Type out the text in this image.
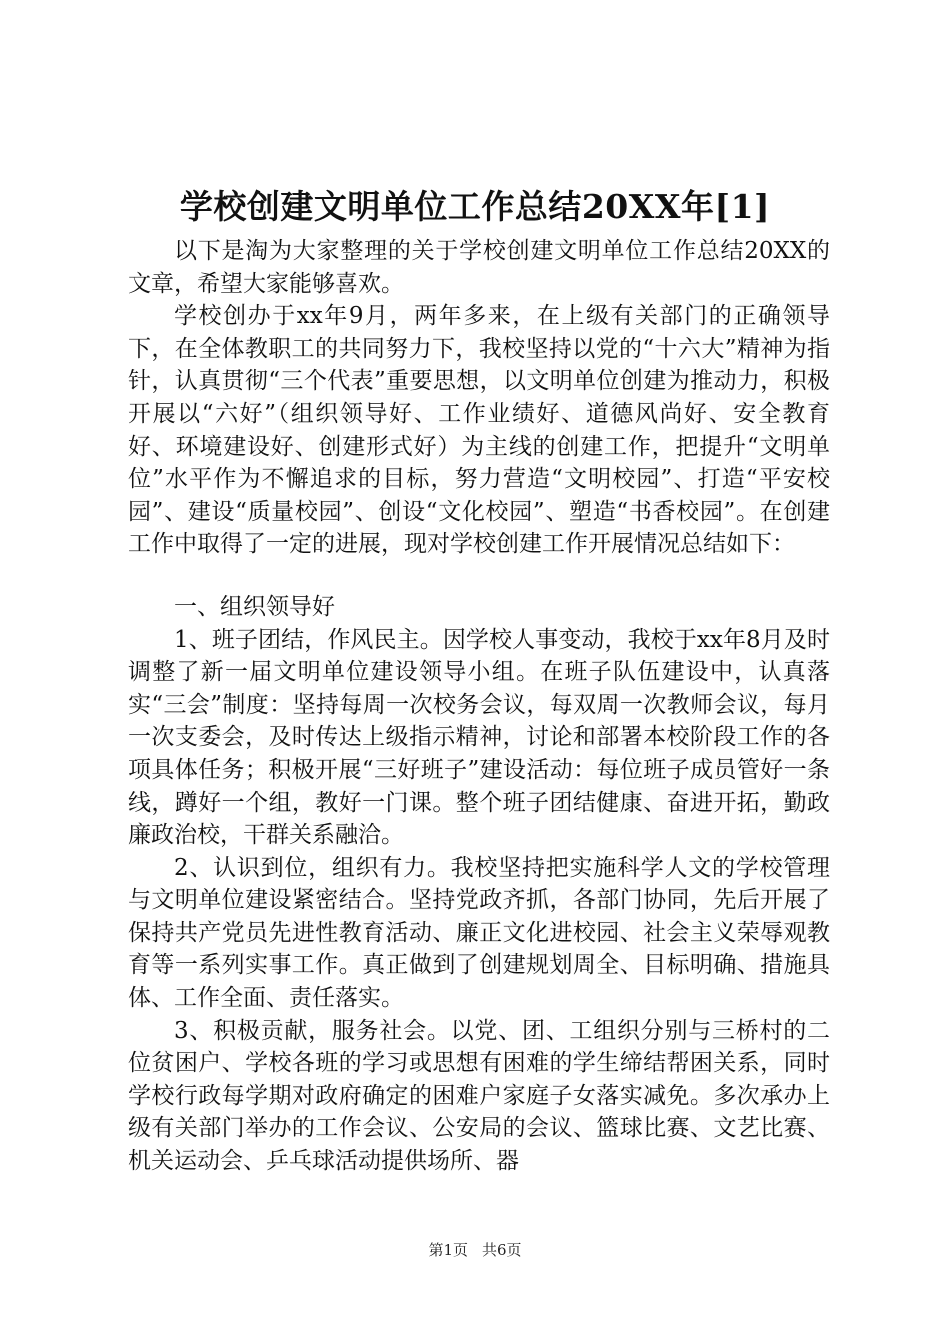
学校创建文明单位工作总结20XX年[1]

以下是淘为大家整理的关于学校创建文明单位工作总结20XX的文章，希望大家能够喜欢。

学校创办于xx年9月，两年多来，在上级有关部门的正确领导下，在全体教职工的共同努力下，我校坚持以党的“十六大”精神为指针，认真贯彻“三个代表”重要思想，以文明单位创建为推动力，积极开展以“六好”（组织领导好、工作业绩好、道德风尚好、安全教育好、环境建设好、创建形式好）为主线的创建工作，把提升“文明单位”水平作为不懈追求的目标，努力营造“文明校园”、打造“平安校园”、建设“质量校园”、创设“文化校园”、塑造“书香校园”。在创建工作中取得了一定的进展，现对学校创建工作开展情况总结如下：

一、组织领导好

1、班子团结，作风民主。因学校人事变动，我校于xx年8月及时调整了新一届文明单位建设领导小组。在班子队伍建设中，认真落实“三会”制度：坚持每周一次校务会议，每双周一次教师会议，每月一次支委会，及时传达上级指示精神，讨论和部署本校阶段工作的各项具体任务；积极开展“三好班子”建设活动：每位班子成员管好一条线，蹲好一个组，教好一门课。整个班子团结健康、奋进开拓，勤政廉政治校，干群关系融洽。

2、认识到位，组织有力。我校坚持把实施科学人文的学校管理与文明单位建设紧密结合。坚持党政齐抓，各部门协同，先后开展了保持共产党员先进性教育活动、廉正文化进校园、社会主义荣辱观教育等一系列实事工作。真正做到了创建规划周全、目标明确、措施具体、工作全面、责任落实。

3、积极贡献，服务社会。以党、团、工组织分别与三桥村的二位贫困户、学校各班的学习或思想有困难的学生缔结帮困关系，同时学校行政每学期对政府确定的困难户家庭子女落实减免。多次承办上级有关部门举办的工作会议、公安局的会议、篮球比赛、文艺比赛、机关运动会、乒乓球活动提供场所、器

第1页 共6页
